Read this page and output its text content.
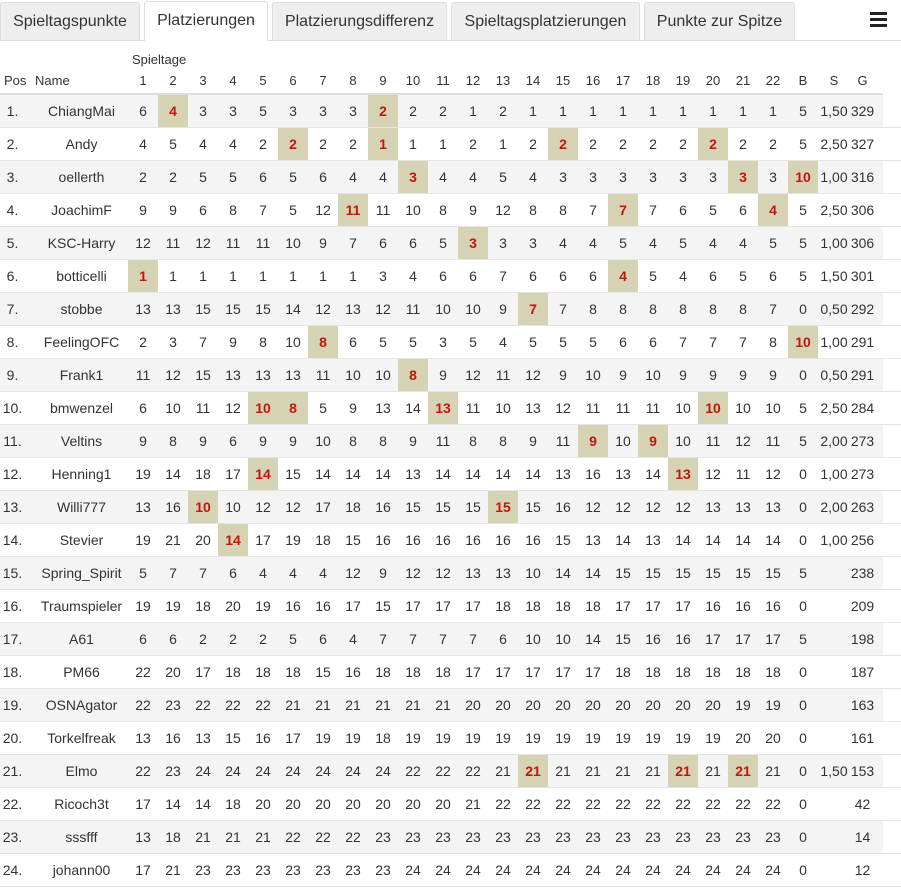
Spieltagspunkte	Platzierungen	Platzierungsdifferenz	Spieltagsplatzierungen	Punkte zur Spitze
		Spieltage																									
Pos	Name	1	2	3	4	5	6	7	8	9	10	11	12	13	14	15	16	17	18	19	20	21	22	B	S	G	
1.	ChiangMai	6	4	3	3	5	3	3	3	2	2	2	1	2	1	1	1	1	1	1	1	1	1	5	1,50	329	
2.	Andy	4	5	4	4	2	2	2	2	1	1	1	2	1	2	2	2	2	2	2	2	2	2	5	2,50	327	
3.	oellerth	2	2	5	5	6	5	6	4	4	3	4	4	5	4	3	3	3	3	3	3	3	3	10	1,00	316	
4.	JoachimF	9	9	6	8	7	5	12	11	11	10	8	9	12	8	8	7	7	7	6	5	6	4	5	2,50	306	
5.	KSC-Harry	12	11	12	11	11	10	9	7	6	6	5	3	3	3	4	4	5	4	5	4	4	5	5	1,00	306	
6.	botticelli	1	1	1	1	1	1	1	1	3	4	6	6	7	6	6	6	4	5	4	6	5	6	5	1,50	301	
7.	stobbe	13	13	15	15	15	14	12	13	12	11	10	10	9	7	7	8	8	8	8	8	8	7	0	0,50	292	
8.	FeelingOFC	2	3	7	9	8	10	8	6	5	5	3	5	4	5	5	5	6	6	7	7	7	8	10	1,00	291	
9.	Frank1	11	12	15	13	13	13	11	10	10	8	9	12	11	12	9	10	9	10	9	9	9	9	0	0,50	291	
10.	bmwenzel	6	10	11	12	10	8	5	9	13	14	13	11	10	13	12	11	11	11	10	10	10	10	5	2,50	284	
11.	Veltins	9	8	9	6	9	9	10	8	8	9	11	8	8	9	11	9	10	9	10	11	12	11	5	2,00	273	
12.	Henning1	19	14	18	17	14	15	14	14	14	13	14	14	14	14	13	16	13	14	13	12	11	12	0	1,00	273	
13.	Willi777	13	16	10	10	12	12	17	18	16	15	15	15	15	15	16	12	12	12	12	13	13	13	0	2,00	263	
14.	Stevier	19	21	20	14	17	19	18	15	16	16	16	16	16	16	15	13	14	13	14	14	14	14	0	1,00	256	
15.	Spring_Spirit	5	7	7	6	4	4	4	12	9	12	12	13	13	10	14	14	15	15	15	15	15	15	5		238	
16.	Traumspieler	19	19	18	20	19	16	16	17	15	17	17	17	18	18	18	18	17	17	17	16	16	16	0		209	
17.	A61	6	6	2	2	2	5	6	4	7	7	7	7	6	10	10	14	15	16	16	17	17	17	5		198	
18.	PM66	22	20	17	18	18	18	15	16	18	18	18	17	17	17	17	17	18	18	18	18	18	18	0		187	
19.	OSNAgator	22	23	22	22	22	21	21	21	21	21	21	20	20	20	20	20	20	20	20	20	19	19	0		163	
20.	Torkelfreak	13	16	13	15	16	17	19	19	18	19	19	19	19	19	19	19	19	19	19	19	20	20	0		161	
21.	Elmo	22	23	24	24	24	24	24	24	24	22	22	22	21	21	21	21	21	21	21	21	21	21	0	1,50	153	
22.	Ricoch3t	17	14	14	18	20	20	20	20	20	20	20	21	22	22	22	22	22	22	22	22	22	22	0		42	
23.	sssfff	13	18	21	21	21	22	22	22	23	23	23	23	23	23	23	23	23	23	23	23	23	23	0		14	
24.	johann00	17	21	23	23	23	23	23	23	23	24	24	24	24	24	24	24	24	24	24	24	24	24	0		12	
